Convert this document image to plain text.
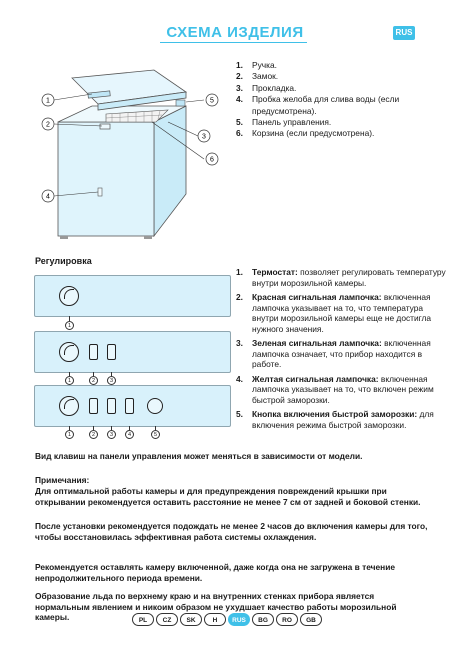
СХЕМА ИЗДЕЛИЯ	RUS
1
2
3
4
5
6
1. Ручка.
2. Замок.
3. Прокладка.
4. Пробка желоба для слива воды (если предусмотрена).
5. Панель управления.
6. Корзина (если предусмотрена).
Регулировка
1
1	2	3
1	2	3	4	5
1. Термостат: позволяет регулировать температуру внутри морозильной камеры.
2. Красная сигнальная лампочка: включенная лампочка указывает на то, что температура внутри морозильной камеры еще не достигла нужного значения.
3. Зеленая сигнальная лампочка: включенная лампочка означает, что прибор находится в работе.
4. Желтая сигнальная лампочка: включенная лампочка указывает на то, что включен режим быстрой заморозки.
5. Кнопка включения быстрой заморозки: для включения режима быстрой заморозки.
Вид клавиш на панели управления может меняться в зависимости от модели.
Примечания:
Для оптимальной работы камеры и для предупреждения повреждений крышки при открывании рекомендуется оставить расстояние не менее 7 см от задней и боковой стенки.
После установки рекомендуется подождать не менее 2 часов до включения камеры для того, чтобы восстановилась эффективная работа системы охлаждения.
Рекомендуется оставлять камеру включенной, даже когда она не загружена в течение непродолжительного периода времени.
Образование льда по верхнему краю и на внутренних стенках прибора является нормальным явлением и никоим образом не ухудшает качество работы морозильной камеры.	PL	CZ	SK	H	RUS	BG	RO	GB
